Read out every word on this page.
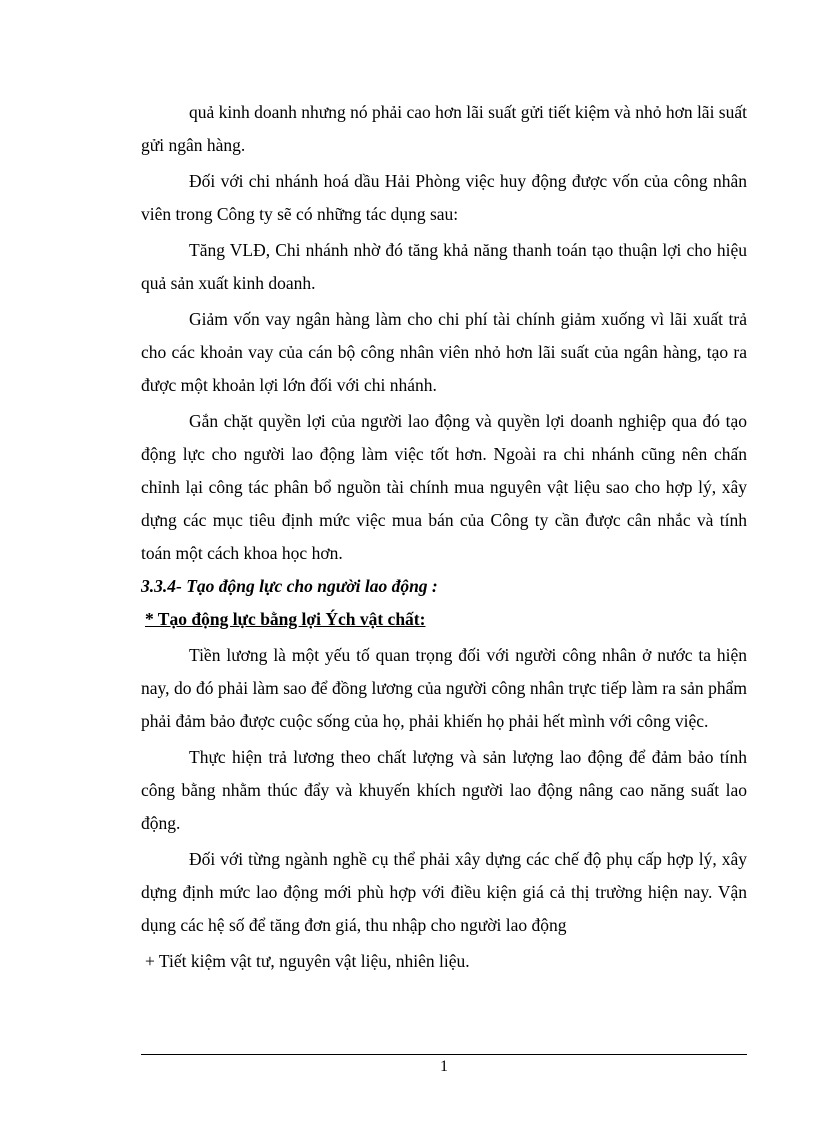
quả kinh doanh nhưng nó phải cao hơn lãi suất gửi tiết kiệm và nhỏ hơn lãi suất gửi ngân hàng.

Đối với chi nhánh hoá dầu Hải Phòng việc huy động được vốn của công nhân viên trong Công ty sẽ có những tác dụng sau:

Tăng VLĐ, Chi nhánh nhờ đó tăng khả năng thanh toán tạo thuận lợi cho hiệu quả sản xuất kinh doanh.

Giảm vốn vay ngân hàng làm cho chi phí tài chính giảm xuống vì lãi xuất trả cho các khoản vay của cán bộ công nhân viên nhỏ hơn lãi suất của ngân hàng, tạo ra được một khoản lợi lớn đối với chi nhánh.

Gắn chặt quyền lợi của người lao động và quyền lợi doanh nghiệp qua đó tạo động lực cho người lao động làm việc tốt hơn. Ngoài ra chi nhánh cũng nên chấn chỉnh lại công tác phân bổ nguồn tài chính mua nguyên vật liệu sao cho hợp lý, xây dựng các mục tiêu định mức việc mua bán của Công ty cần được cân nhắc và tính toán một cách khoa học hơn.

3.3.4- Tạo động lực cho người lao động :

* Tạo động lực bằng lợi Ých vật chất:

Tiền lương là một yếu tố quan trọng đối với người công nhân ở nước ta hiện nay, do đó phải làm sao để đồng lương của người công nhân trực tiếp làm ra sản phẩm phải đảm bảo được cuộc sống của họ, phải khiến họ phải hết mình với công việc.

Thực hiện trả lương theo chất lượng và sản lượng lao động để đảm bảo tính công bằng nhằm thúc đẩy và khuyến khích người lao động nâng cao năng suất lao động.

Đối với từng ngành nghề cụ thể phải xây dựng các chế độ phụ cấp hợp lý, xây dựng định mức lao động mới phù hợp với điều kiện giá cả thị trường hiện nay. Vận dụng các hệ số để tăng đơn giá, thu nhập cho người lao động

+ Tiết kiệm vật tư, nguyên vật liệu, nhiên liệu.

1
